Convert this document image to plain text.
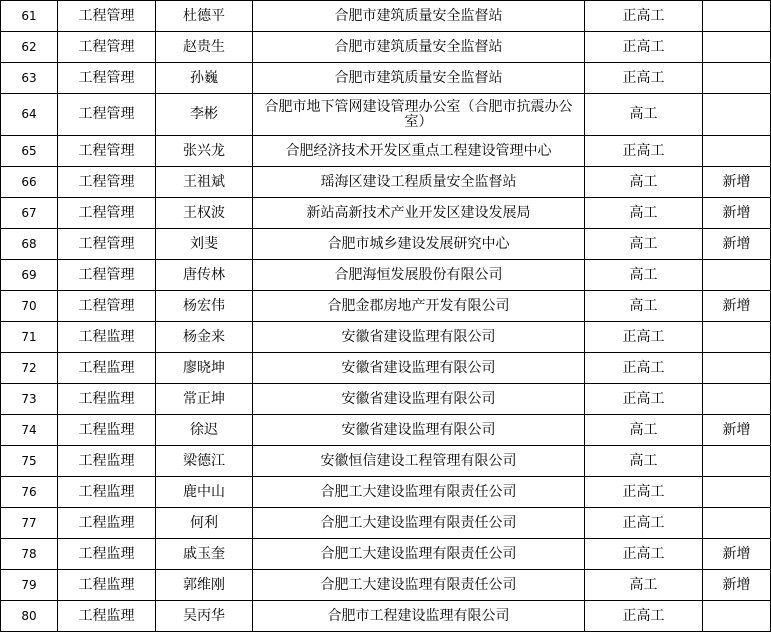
61	工程管理	杜德平	合肥市建筑质量安全监督站	正高工	
62	工程管理	赵贵生	合肥市建筑质量安全监督站	正高工	
63	工程管理	孙巍	合肥市建筑质量安全监督站	正高工	
64	工程管理	李彬	合肥市地下管网建设管理办公室（合肥市抗震办公室）	高工	
65	工程管理	张兴龙	合肥经济技术开发区重点工程建设管理中心	正高工	
66	工程管理	王祖斌	瑶海区建设工程质量安全监督站	高工	新增
67	工程管理	王权波	新站高新技术产业开发区建设发展局	高工	新增
68	工程管理	刘斐	合肥市城乡建设发展研究中心	高工	新增
69	工程管理	唐传林	合肥海恒发展股份有限公司	高工	
70	工程管理	杨宏伟	合肥金郡房地产开发有限公司	高工	新增
71	工程监理	杨金来	安徽省建设监理有限公司	正高工	
72	工程监理	廖晓坤	安徽省建设监理有限公司	正高工	
73	工程监理	常正坤	安徽省建设监理有限公司	正高工	
74	工程监理	徐迟	安徽省建设监理有限公司	高工	新增
75	工程监理	梁德江	安徽恒信建设工程管理有限公司	高工	
76	工程监理	鹿中山	合肥工大建设监理有限责任公司	正高工	
77	工程监理	何利	合肥工大建设监理有限责任公司	正高工	
78	工程监理	戚玉奎	合肥工大建设监理有限责任公司	正高工	新增
79	工程监理	郭维刚	合肥工大建设监理有限责任公司	高工	新增
80	工程监理	吴丙华	合肥市工程建设监理有限公司	正高工	
